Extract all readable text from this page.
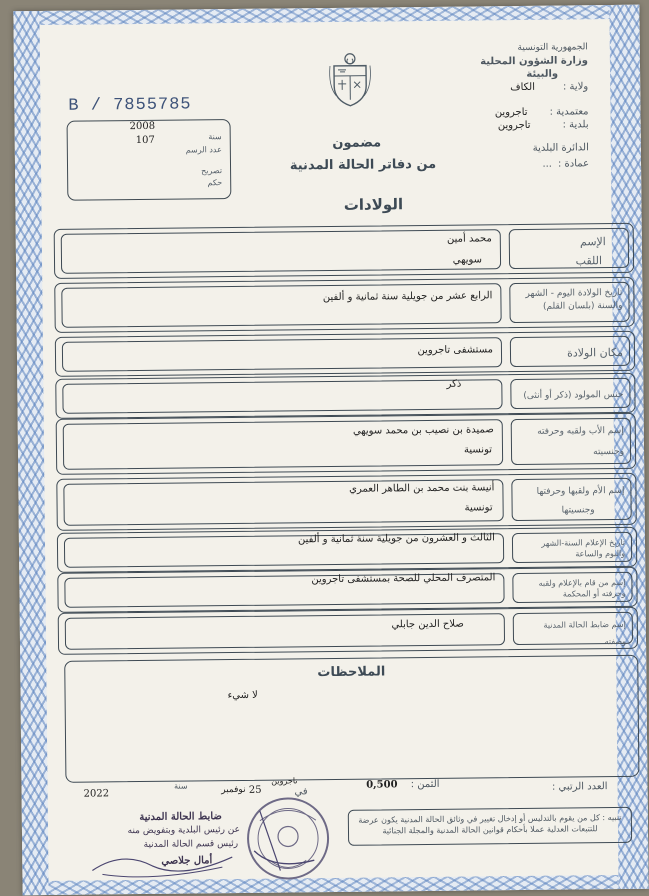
الجمهورية التونسية
وزارة الشؤون المحلية
والبيئة
ولاية :
الكاف
معتمدية :
تاجروين
بلدية :
تاجروين
الدائرة البلدية
عمادة :
...
B / 7855785
2008
سنة
107
عدد الرسم
تصريح
حكم
مضمون
من دفاتر الحالة المدنية
الولادات
الإسم
اللقب
محمد أمين
سويهي
تاريخ الولادة اليوم - الشهر والسنة (بلسان القلم)
الرابع عشر من جويلية سنة ثمانية و ألفين
مكان الولادة
مستشفى تاجروين
جنس المولود (ذكر أو أنثى)
ذكر
إسم الأب ولقبه وحرفته
وجنسيته
صميدة بن نصيب بن محمد سويهي
تونسية
إسم الأم ولقبها وحرفتها
وجنسيتها
أنيسة بنت محمد بن الطاهر العمري
تونسية
تاريخ الإعلام السنة-الشهر واليوم والساعة
الثالث و العشرون من جويلية سنة ثمانية و ألفين
إسم من قام بالإعلام ولقبه وحرفته أو المحكمة
المتصرف المحلي للصحة بمستشفى تاجروين
إسم ضابط الحالة المدنية
وصفته
صلاح الدين جابلي
الملاحظات
لا شيء
العدد الرتبي :
الثمن :
0,500
تاجروين
في
25
نوفمبر
سنة
2022
تنبيه : كل من يقوم بالتدليس أو إدخال تغيير في وثائق الحالة المدنية يكون عرضة للتتبعات العدلية عملا بأحكام قوانين الحالة المدنية والمجلة الجنائية
ضابط الحالة المدنية
عن رئيس البلدية وبتفويض منه
رئيس قسم الحالة المدنية
أمال جلاصي
